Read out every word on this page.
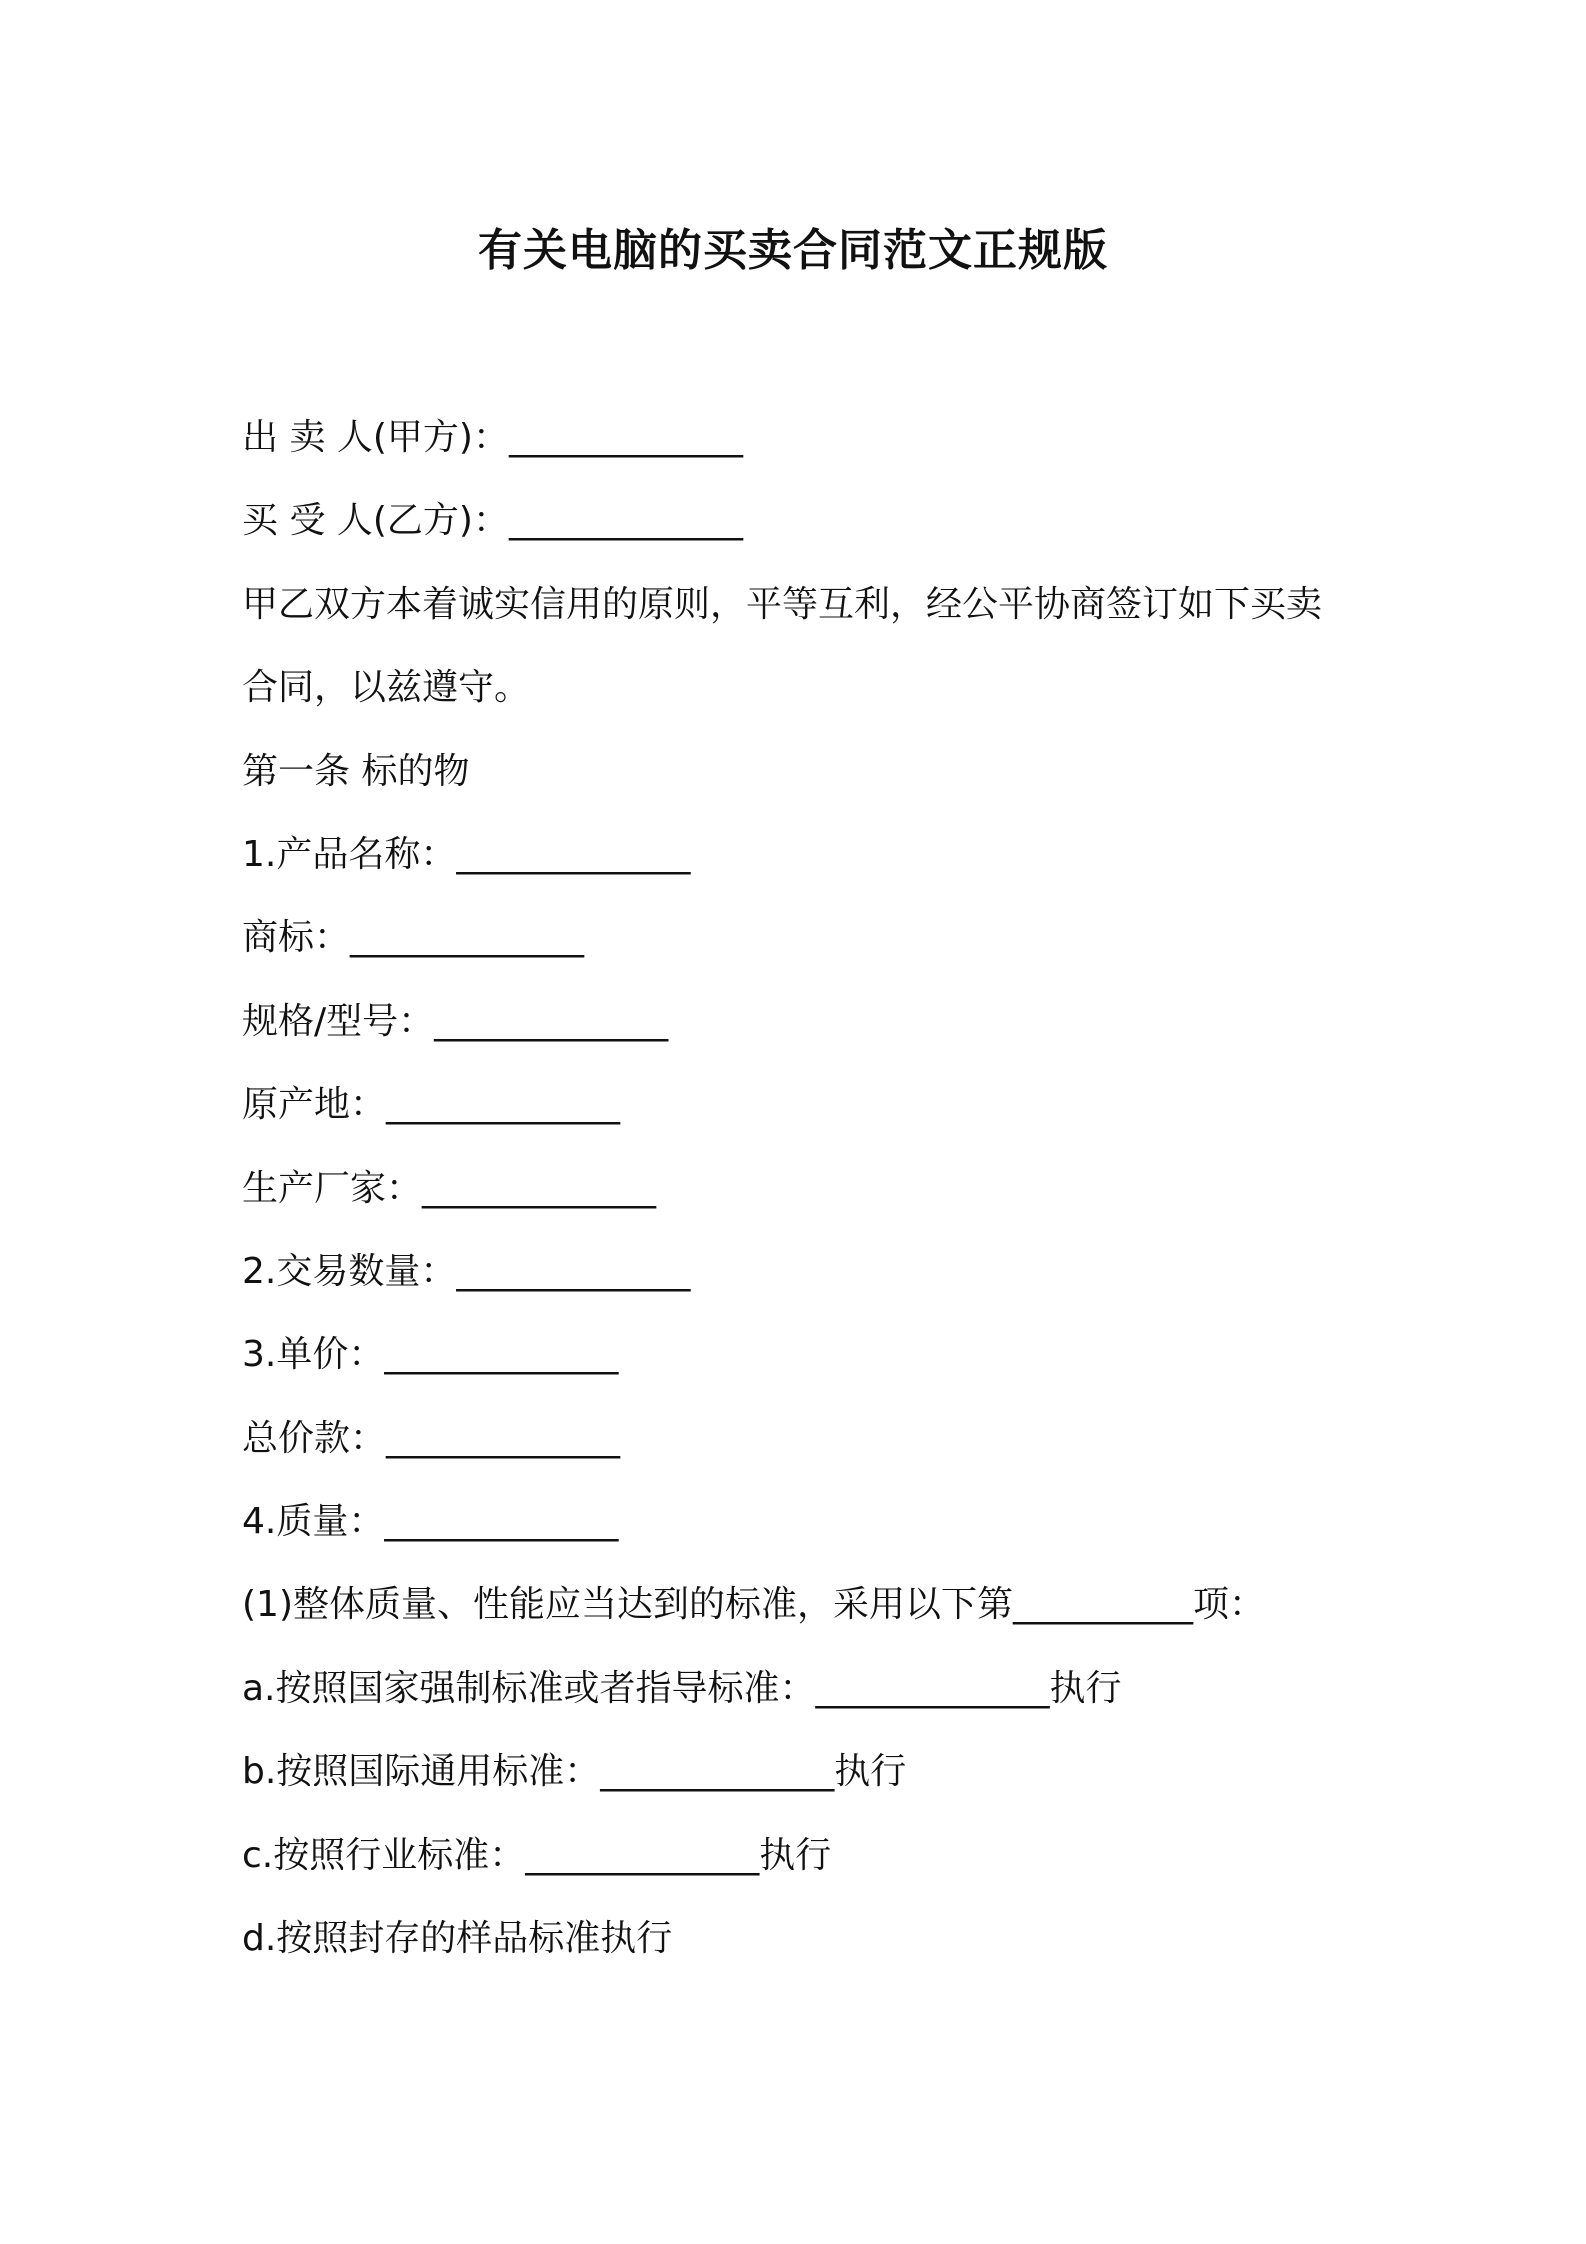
有关电脑的买卖合同范文正规版
出 卖 人(甲方)：_____________
买 受 人(乙方)：_____________
甲乙双方本着诚实信用的原则，平等互利，经公平协商签订如下买卖
合同，以兹遵守。
第一条 标的物
1.产品名称：_____________
商标：_____________
规格/型号：_____________
原产地：_____________
生产厂家：_____________
2.交易数量：_____________
3.单价：_____________
总价款：_____________
4.质量：_____________
(1)整体质量、性能应当达到的标准，采用以下第__________项：
a.按照国家强制标准或者指导标准：_____________执行
b.按照国际通用标准：_____________执行
c.按照行业标准：_____________执行
d.按照封存的样品标准执行
